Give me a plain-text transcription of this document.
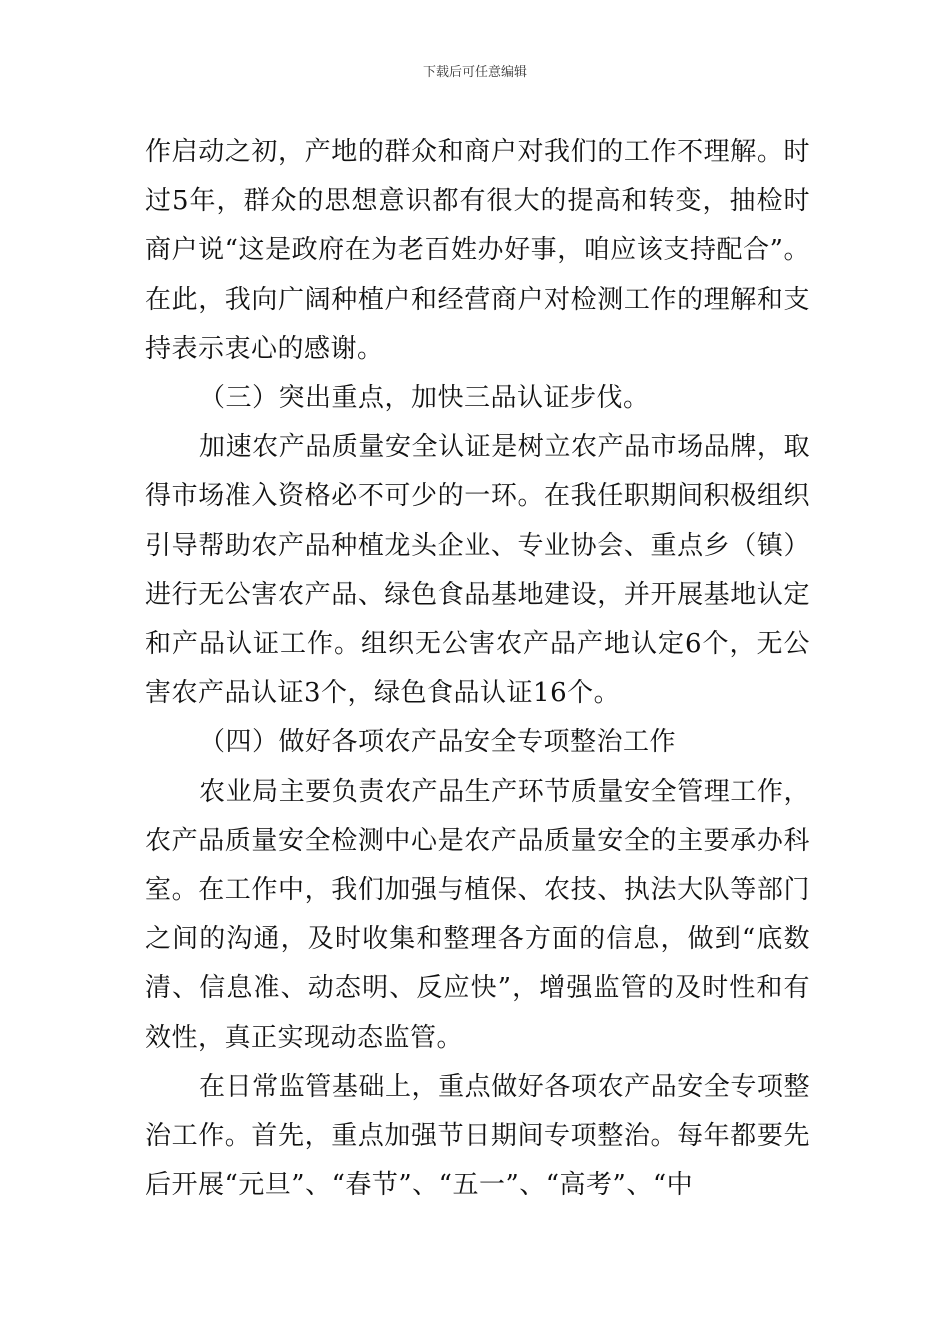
下载后可任意编辑

作启动之初，产地的群众和商户对我们的工作不理解。时过5年，群众的思想意识都有很大的提高和转变，抽检时商户说“这是政府在为老百姓办好事，咱应该支持配合”。在此，我向广阔种植户和经营商户对检测工作的理解和支持表示衷心的感谢。

（三）突出重点，加快三品认证步伐。

加速农产品质量安全认证是树立农产品市场品牌，取得市场准入资格必不可少的一环。在我任职期间积极组织引导帮助农产品种植龙头企业、专业协会、重点乡（镇）进行无公害农产品、绿色食品基地建设，并开展基地认定和产品认证工作。组织无公害农产品产地认定6个，无公害农产品认证3个，绿色食品认证16个。

（四）做好各项农产品安全专项整治工作

农业局主要负责农产品生产环节质量安全管理工作，农产品质量安全检测中心是农产品质量安全的主要承办科室。在工作中，我们加强与植保、农技、执法大队等部门之间的沟通，及时收集和整理各方面的信息，做到“底数清、信息准、动态明、反应快”，增强监管的及时性和有效性，真正实现动态监管。

在日常监管基础上，重点做好各项农产品安全专项整治工作。首先，重点加强节日期间专项整治。每年都要先后开展“元旦”、“春节”、“五一”、“高考”、“中
